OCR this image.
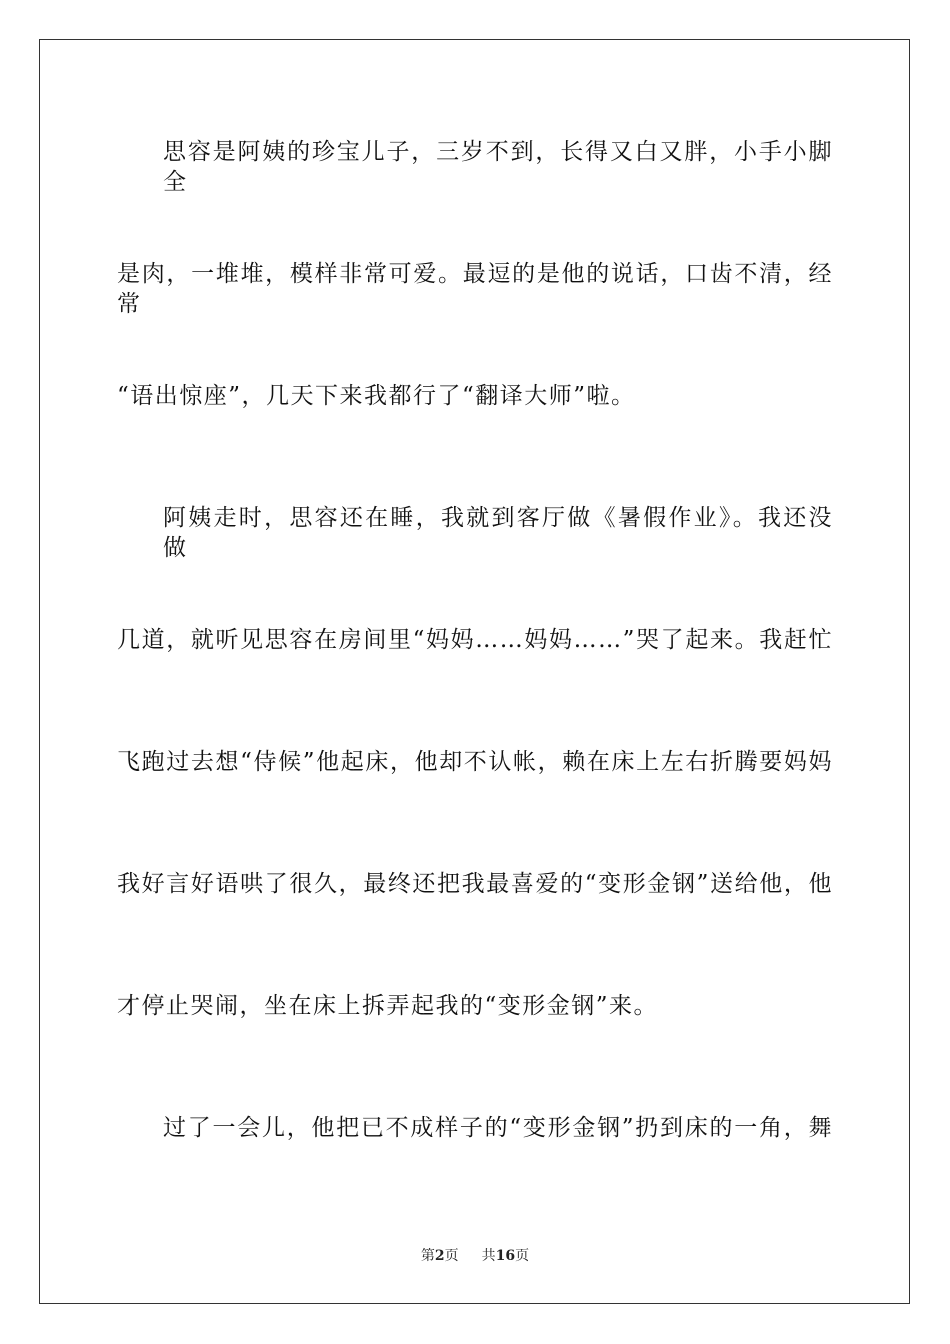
思容是阿姨的珍宝儿子，三岁不到，长得又白又胖，小手小脚全
是肉，一堆堆，模样非常可爱。最逗的是他的说话，口齿不清，经常
“语出惊座”，几天下来我都行了“翻译大师”啦。
阿姨走时，思容还在睡，我就到客厅做《暑假作业》。我还没做
几道，就听见思容在房间里“妈妈……妈妈……”哭了起来。我赶忙
飞跑过去想“侍候”他起床，他却不认帐，赖在床上左右折腾要妈妈
我好言好语哄了很久，最终还把我最喜爱的“变形金钢”送给他，他
才停止哭闹，坐在床上拆弄起我的“变形金钢”来。
过了一会儿，他把已不成样子的“变形金钢”扔到床的一角，舞
第2页 共16页
